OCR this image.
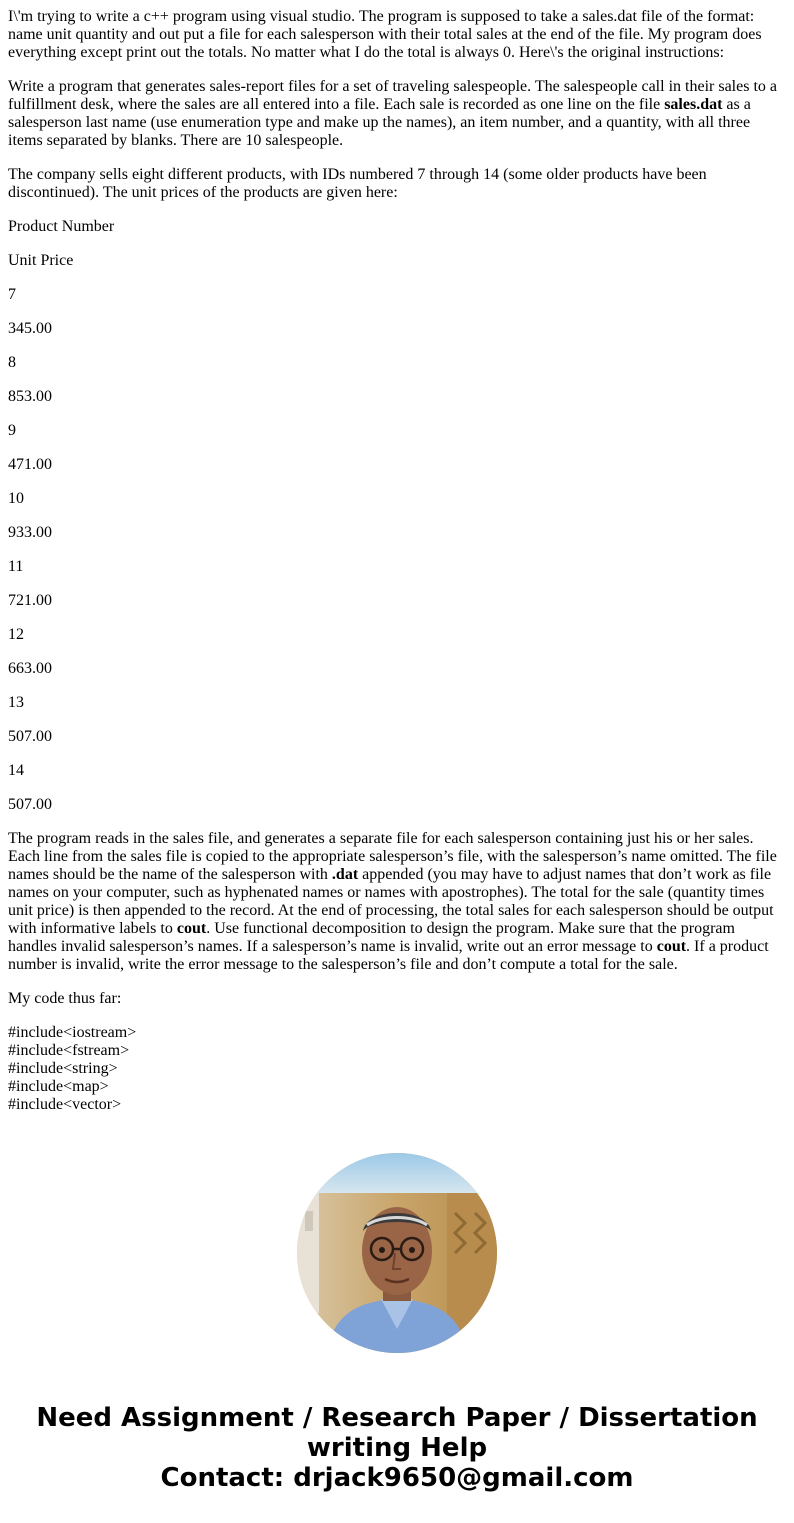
I\'m trying to write a c++ program using visual studio. The program is supposed to take a sales.dat file of the format: name unit quantity and out put a file for each salesperson with their total sales at the end of the file. My program does everything except print out the totals. No matter what I do the total is always 0. Here\'s the original instructions:

Write a program that generates sales-report files for a set of traveling salespeople. The salespeople call in their sales to a fulfillment desk, where the sales are all entered into a file. Each sale is recorded as one line on the file sales.dat as a salesperson last name (use enumeration type and make up the names), an item number, and a quantity, with all three items separated by blanks. There are 10 salespeople.

The company sells eight different products, with IDs numbered 7 through 14 (some older products have been discontinued). The unit prices of the products are given here:

Product Number

Unit Price

7

345.00

8

853.00

9

471.00

10

933.00

11

721.00

12

663.00

13

507.00

14

507.00

The program reads in the sales file, and generates a separate file for each salesperson containing just his or her sales. Each line from the sales file is copied to the appropriate salesperson’s file, with the salesperson’s name omitted. The file names should be the name of the salesperson with .dat appended (you may have to adjust names that don’t work as file names on your computer, such as hyphenated names or names with apostrophes). The total for the sale (quantity times unit price) is then appended to the record. At the end of processing, the total sales for each salesperson should be output with informative labels to cout. Use functional decomposition to design the program. Make sure that the program handles invalid salesperson’s names. If a salesperson’s name is invalid, write out an error message to cout. If a product number is invalid, write the error message to the salesperson’s file and don’t compute a total for the sale.

My code thus far:

#include<iostream>
#include<fstream>
#include<string>
#include<map>
#include<vector>
Need Assignment / Research Paper / Dissertation
writing Help
Contact: drjack9650@gmail.com
